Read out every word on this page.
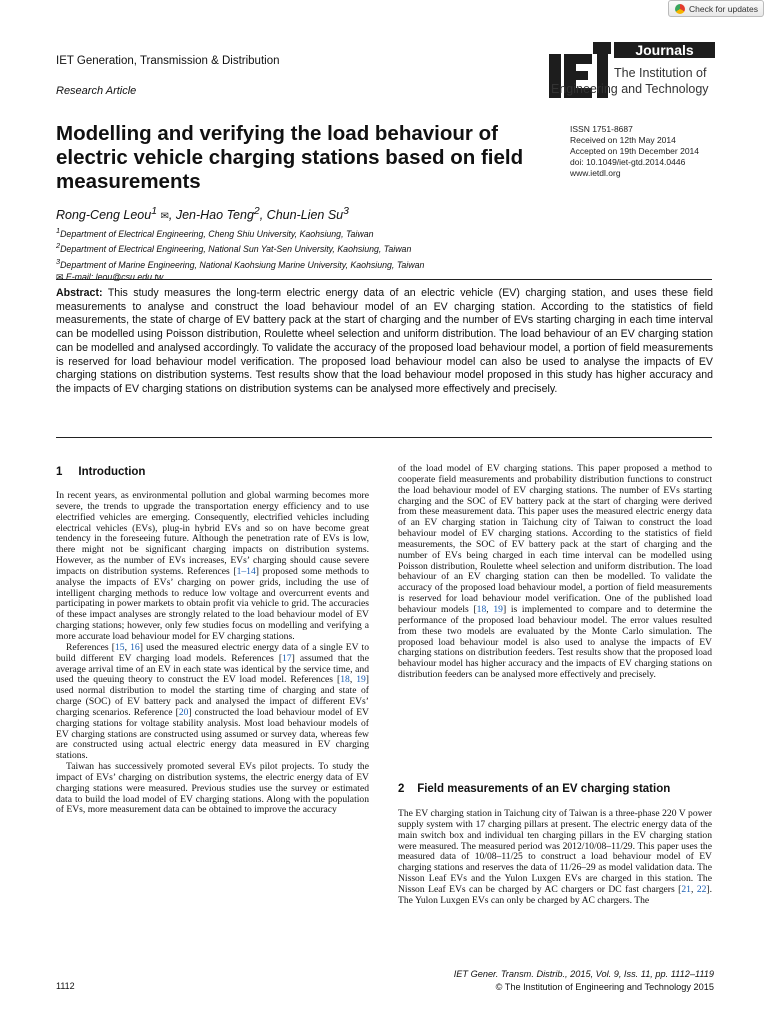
Check for updates
IET Generation, Transmission & Distribution
Research Article
IET
Journals
The Institution of
Engineering and Technology
Modelling and verifying the load behaviour of electric vehicle charging stations based on field measurements
ISSN 1751-8687
Received on 12th May 2014
Accepted on 19th December 2014
doi: 10.1049/iet-gtd.2014.0446
www.ietdl.org
Rong-Ceng Leou$^1$ ✉, Jen-Hao Teng$^2$, Chun-Lien Su$^3$
$^1$Department of Electrical Engineering, Cheng Shiu University, Kaohsiung, Taiwan
$^2$Department of Electrical Engineering, National Sun Yat-Sen University, Kaohsiung, Taiwan
$^3$Department of Marine Engineering, National Kaohsiung Marine University, Kaohsiung, Taiwan
✉ E-mail: leou@csu.edu.tw
Abstract: This study measures the long-term electric energy data of an electric vehicle (EV) charging station, and uses these field measurements to analyse and construct the load behaviour model of an EV charging station. According to the statistics of field measurements, the state of charge of EV battery pack at the start of charging and the number of EVs starting charging in each time interval can be modelled using Poisson distribution, Roulette wheel selection and uniform distribution. The load behaviour of an EV charging station can be modelled and analysed accordingly. To validate the accuracy of the proposed load behaviour model, a portion of field measurements is reserved for load behaviour model verification. The proposed load behaviour model can also be used to analyse the impacts of EV charging stations on distribution systems. Test results show that the load behaviour model proposed in this study has higher accuracy and the impacts of EV charging stations on distribution systems can be analysed more effectively and precisely.
1 Introduction

In recent years, as environmental pollution and global warming becomes more severe, the trends to upgrade the transportation energy efficiency and to use electrified vehicles are emerging. Consequently, electrified vehicles including electrical vehicles (EVs), plug-in hybrid EVs and so on have become great tendency in the foreseeing future. Although the penetration rate of EVs is low, there might not be significant charging impacts on distribution systems. However, as the number of EVs increases, EVs’ charging should cause severe impacts on distribution systems. References [1–14] proposed some methods to analyse the impacts of EVs’ charging on power grids, including the use of intelligent charging methods to reduce low voltage and overcurrent events and participating in power markets to obtain profit via vehicle to grid. The accuracies of these impact analyses are strongly related to the load behaviour model of EV charging stations; however, only few studies focus on modelling and verifying a more accurate load behaviour model for EV charging stations.

References [15, 16] used the measured electric energy data of a single EV to build different EV charging load models. References [17] assumed that the average arrival time of an EV in each state was identical by the service time, and used the queuing theory to construct the EV load model. References [18, 19] used normal distribution to model the starting time of charging and state of charge (SOC) of EV battery pack and analysed the impact of different EVs’ charging scenarios. Reference [20] constructed the load behaviour model of EV charging stations for voltage stability analysis. Most load behaviour models of EV charging stations are constructed using assumed or survey data, whereas few are constructed using actual electric energy data measured in EV charging stations.

Taiwan has successively promoted several EVs pilot projects. To study the impact of EVs’ charging on distribution systems, the electric energy data of EV charging stations were measured. Previous studies use the survey or estimated data to build the load model of EV charging stations. Along with the population of EVs, more measurement data can be obtained to improve the accuracy

of the load model of EV charging stations. This paper proposed a method to cooperate field measurements and probability distribution functions to construct the load behaviour model of EV charging stations. The number of EVs starting charging and the SOC of EV battery pack at the start of charging were derived from these measurement data. This paper uses the measured electric energy data of an EV charging station in Taichung city of Taiwan to construct the load behaviour model of EV charging stations. According to the statistics of field measurements, the SOC of EV battery pack at the start of charging and the number of EVs being charged in each time interval can be modelled using Poisson distribution, Roulette wheel selection and uniform distribution. The load behaviour of an EV charging station can then be modelled. To validate the accuracy of the proposed load behaviour model, a portion of field measurements is reserved for load behaviour model verification. One of the published load behaviour models [18, 19] is implemented to compare and to determine the performance of the proposed load behaviour model. The error values resulted from these two models are evaluated by the Monte Carlo simulation. The proposed load behaviour model is also used to analyse the impacts of EV charging stations on distribution feeders. Test results show that the proposed load behaviour model has higher accuracy and the impacts of EV charging stations on distribution feeders can be analysed more effectively and precisely.

2 Field measurements of an EV charging station

The EV charging station in Taichung city of Taiwan is a three-phase 220 V power supply system with 17 charging pillars at present. The electric energy data of the main switch box and individual ten charging pillars in the EV charging station were measured. The measured period was 2012/10/08–11/29. This paper uses the measured data of 10/08–11/25 to construct a load behaviour model of EV charging stations and reserves the data of 11/26–29 as model validation data. The Nisson Leaf EVs and the Yulon Luxgen EVs are charged in this station. The Nisson Leaf EVs can be charged by AC chargers or DC fast chargers [21, 22]. The Yulon Luxgen EVs can only be charged by AC chargers. The

1112
IET Gener. Transm. Distrib., 2015, Vol. 9, Iss. 11, pp. 1112–1119
© The Institution of Engineering and Technology 2015
